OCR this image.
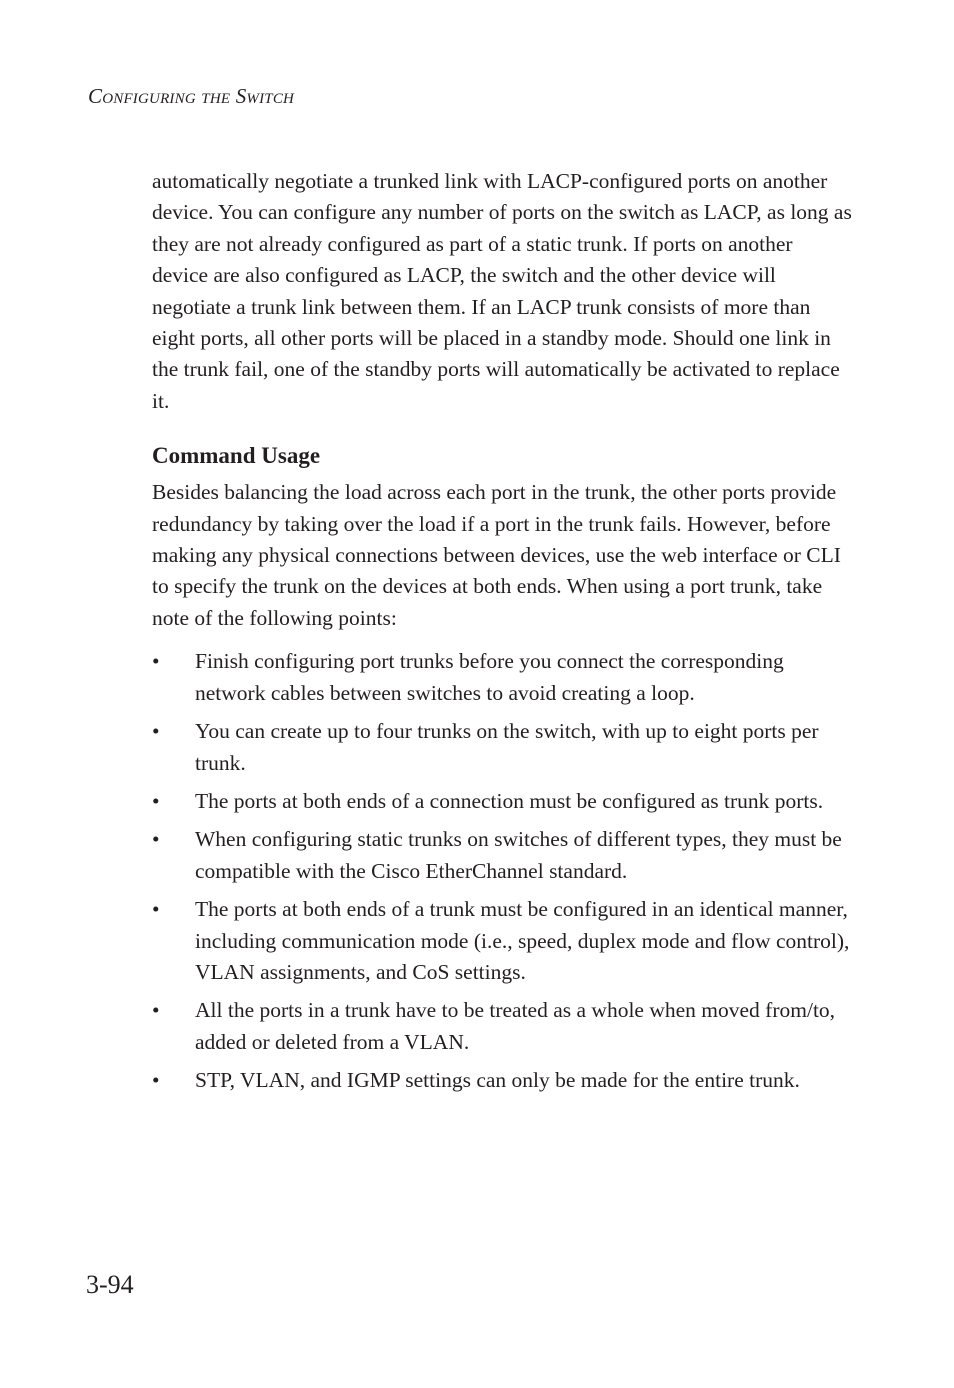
Configuring the Switch

automatically negotiate a trunked link with LACP-configured ports on another device. You can configure any number of ports on the switch as LACP, as long as they are not already configured as part of a static trunk. If ports on another device are also configured as LACP, the switch and the other device will negotiate a trunk link between them. If an LACP trunk consists of more than eight ports, all other ports will be placed in a standby mode. Should one link in the trunk fail, one of the standby ports will automatically be activated to replace it.

Command Usage

Besides balancing the load across each port in the trunk, the other ports provide redundancy by taking over the load if a port in the trunk fails. However, before making any physical connections between devices, use the web interface or CLI to specify the trunk on the devices at both ends. When using a port trunk, take note of the following points:

•	Finish configuring port trunks before you connect the corresponding network cables between switches to avoid creating a loop.
•	You can create up to four trunks on the switch, with up to eight ports per trunk.
•	The ports at both ends of a connection must be configured as trunk ports.
•	When configuring static trunks on switches of different types, they must be compatible with the Cisco EtherChannel standard.
•	The ports at both ends of a trunk must be configured in an identical manner, including communication mode (i.e., speed, duplex mode and flow control), VLAN assignments, and CoS settings.
•	All the ports in a trunk have to be treated as a whole when moved from/to, added or deleted from a VLAN.
•	STP, VLAN, and IGMP settings can only be made for the entire trunk.
3-94
